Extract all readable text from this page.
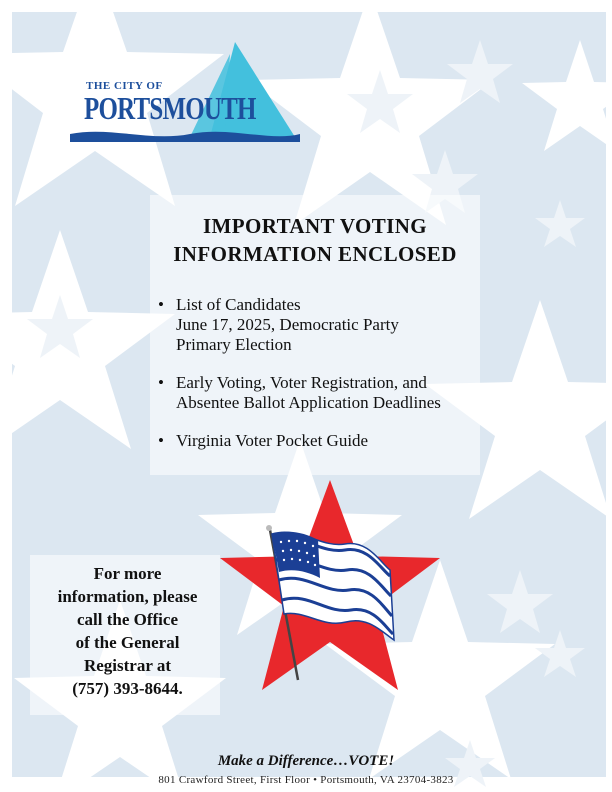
THE CITY OF
PORTSMOUTH
IMPORTANT VOTING
INFORMATION ENCLOSED
• List of Candidates
June 17, 2025, Democratic Party
Primary Election
• Early Voting, Voter Registration, and
Absentee Ballot Application Deadlines
• Virginia Voter Pocket Guide
For more
information, please
call the Office
of the General
Registrar at
(757) 393-8644.
Make a Difference…VOTE!
801 Crawford Street, First Floor • Portsmouth, VA 23704-3823
